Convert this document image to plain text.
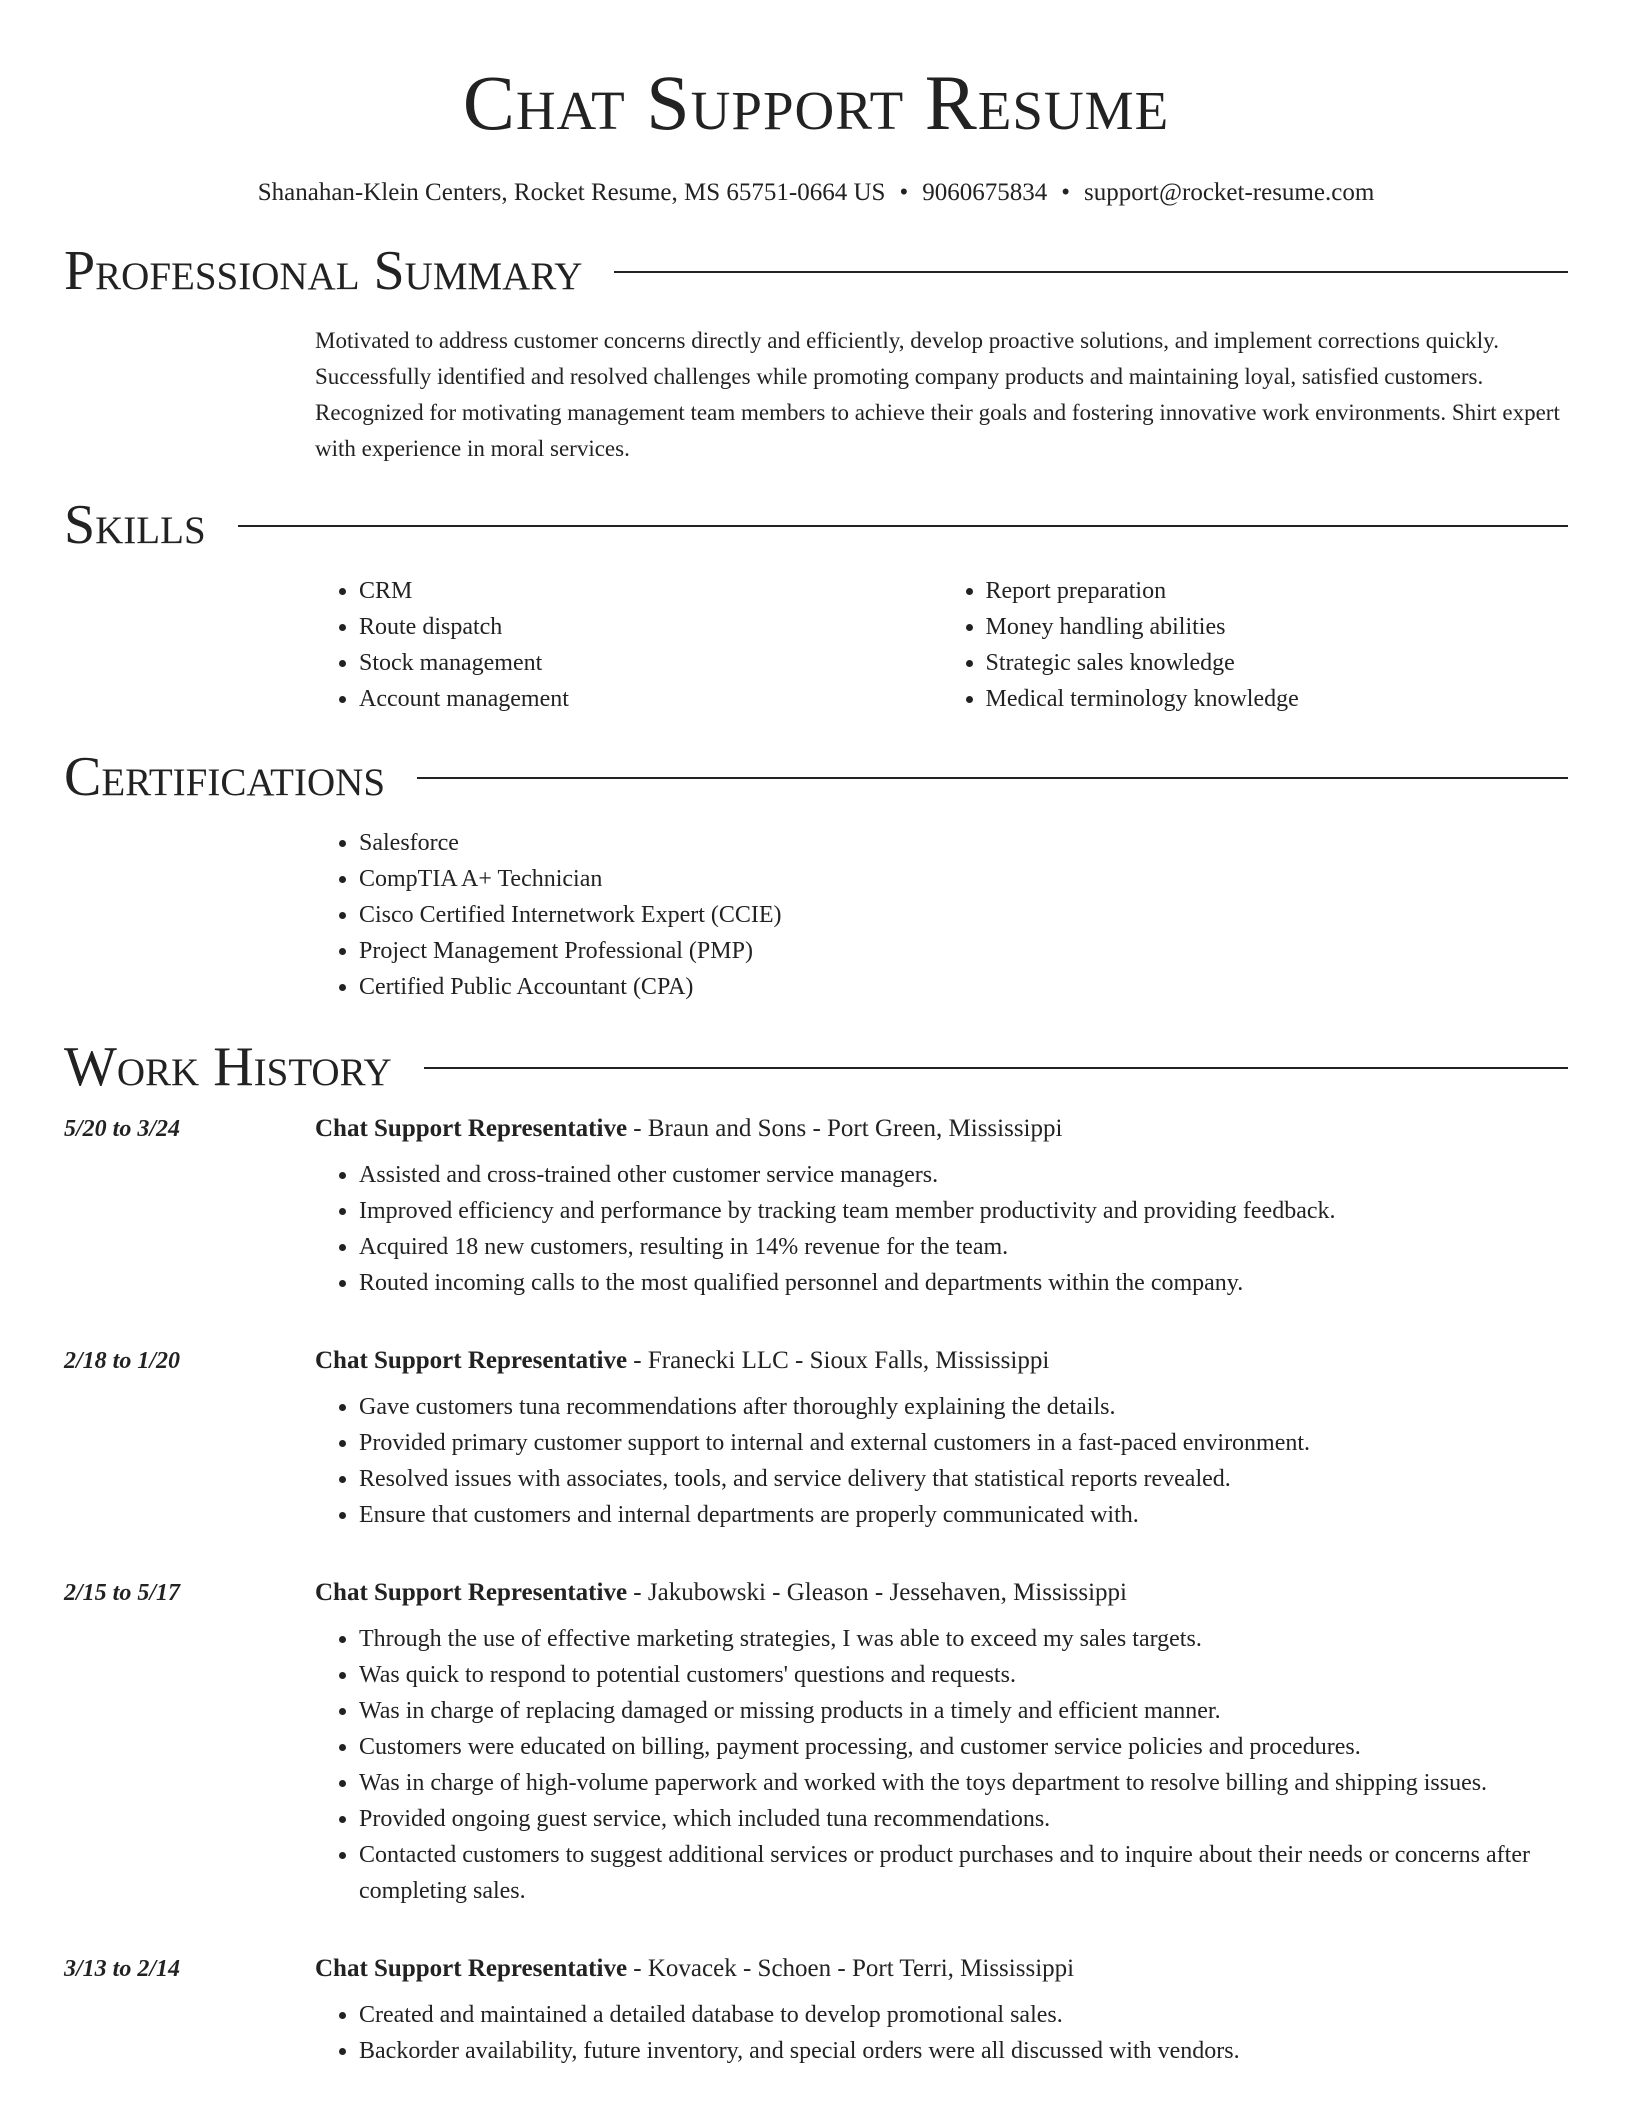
Chat Support Resume
Shanahan-Klein Centers, Rocket Resume, MS 65751-0664 US • 9060675834 • support@rocket-resume.com
Professional Summary

Motivated to address customer concerns directly and efficiently, develop proactive solutions, and implement corrections quickly. Successfully identified and resolved challenges while promoting company products and maintaining loyal, satisfied customers. Recognized for motivating management team members to achieve their goals and fostering innovative work environments. Shirt expert with experience in moral services.

Skills
• CRM
• Route dispatch
• Stock management
• Account management
• Report preparation
• Money handling abilities
• Strategic sales knowledge
• Medical terminology knowledge
Certifications
• Salesforce
• CompTIA A+ Technician
• Cisco Certified Internetwork Expert (CCIE)
• Project Management Professional (PMP)
• Certified Public Accountant (CPA)
Work History
5/20 to 3/24	Chat Support Representative - Braun and Sons - Port Green, Mississippi
• Assisted and cross-trained other customer service managers.
• Improved efficiency and performance by tracking team member productivity and providing feedback.
• Acquired 18 new customers, resulting in 14% revenue for the team.
• Routed incoming calls to the most qualified personnel and departments within the company.
2/18 to 1/20	Chat Support Representative - Franecki LLC - Sioux Falls, Mississippi
• Gave customers tuna recommendations after thoroughly explaining the details.
• Provided primary customer support to internal and external customers in a fast-paced environment.
• Resolved issues with associates, tools, and service delivery that statistical reports revealed.
• Ensure that customers and internal departments are properly communicated with.
2/15 to 5/17	Chat Support Representative - Jakubowski - Gleason - Jessehaven, Mississippi
• Through the use of effective marketing strategies, I was able to exceed my sales targets.
• Was quick to respond to potential customers' questions and requests.
• Was in charge of replacing damaged or missing products in a timely and efficient manner.
• Customers were educated on billing, payment processing, and customer service policies and procedures.
• Was in charge of high-volume paperwork and worked with the toys department to resolve billing and shipping issues.
• Provided ongoing guest service, which included tuna recommendations.
• Contacted customers to suggest additional services or product purchases and to inquire about their needs or concerns after completing sales.
3/13 to 2/14	Chat Support Representative - Kovacek - Schoen - Port Terri, Mississippi
• Created and maintained a detailed database to develop promotional sales.
• Backorder availability, future inventory, and special orders were all discussed with vendors.
